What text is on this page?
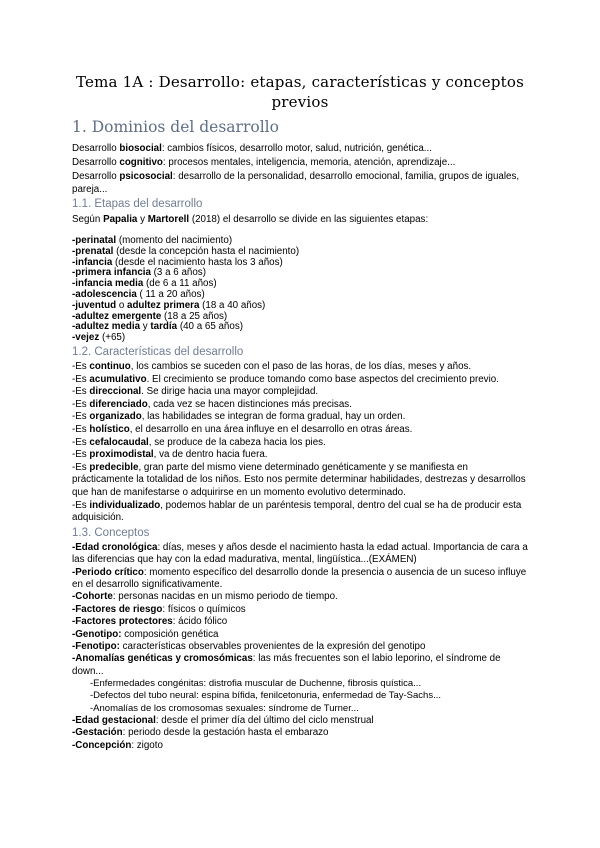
Tema 1A : Desarrollo: etapas, características y conceptos previos
1. Dominios del desarrollo

Desarrollo biosocial: cambios físicos, desarrollo motor, salud, nutrición, genética...

Desarrollo cognitivo: procesos mentales, inteligencia, memoria, atención, aprendizaje...

Desarrollo psicosocial: desarrollo de la personalidad, desarrollo emocional, familia, grupos de iguales, pareja...

1.1. Etapas del desarrollo

Según Papalia y Martorell (2018) el desarrollo se divide en las siguientes etapas:

-perinatal (momento del nacimiento)

-prenatal (desde la concepción hasta el nacimiento)

-infancia (desde el nacimiento hasta los 3 años)

-primera infancia (3 a 6 años)

-infancia media (de 6 a 11 años)

-adolescencia ( 11 a 20 años)

-juventud o adultez primera (18 a 40 años)

-adultez emergente (18 a 25 años)

-adultez media y tardía (40 a 65 años)

-vejez (+65)

1.2. Características del desarrollo

-Es continuo, los cambios se suceden con el paso de las horas, de los días, meses y años.

-Es acumulativo. El crecimiento se produce tomando como base aspectos del crecimiento previo.

-Es direccional. Se dirige hacia una mayor complejidad.

-Es diferenciado, cada vez se hacen distinciones más precisas.

-Es organizado, las habilidades se integran de forma gradual, hay un orden.

-Es holístico, el desarrollo en una área influye en el desarrollo en otras áreas.

-Es cefalocaudal, se produce de la cabeza hacia los pies.

-Es proximodistal, va de dentro hacia fuera.

-Es predecible, gran parte del mismo viene determinado genéticamente y se manifiesta en prácticamente la totalidad de los niños. Esto nos permite determinar habilidades, destrezas y desarrollos que han de manifestarse o adquirirse en un momento evolutivo determinado.

-Es individualizado, podemos hablar de un paréntesis temporal, dentro del cual se ha de producir esta adquisición.

1.3. Conceptos

-Edad cronológica: días, meses y años desde el nacimiento hasta la edad actual. Importancia de cara a las diferencias que hay con la edad madurativa, mental, lingüística...(EXÁMEN)

-Periodo crítico: momento específico del desarrollo donde la presencia o ausencia de un suceso influye en el desarrollo significativamente.

-Cohorte: personas nacidas en un mismo periodo de tiempo.

-Factores de riesgo: físicos o químicos

-Factores protectores: ácido fólico

-Genotipo: composición genética

-Fenotipo: características observables provenientes de la expresión del genotipo

-Anomalías genéticas y cromosómicas: las más frecuentes son el labio leporino, el síndrome de down...

-Enfermedades congénitas: distrofia muscular de Duchenne, fibrosis quística...

-Defectos del tubo neural: espina bífida, fenilcetonuria, enfermedad de Tay-Sachs...

-Anomalías de los cromosomas sexuales: síndrome de Turner...

-Edad gestacional: desde el primer día del último del ciclo menstrual

-Gestación: periodo desde la gestación hasta el embarazo

-Concepción: zigoto
